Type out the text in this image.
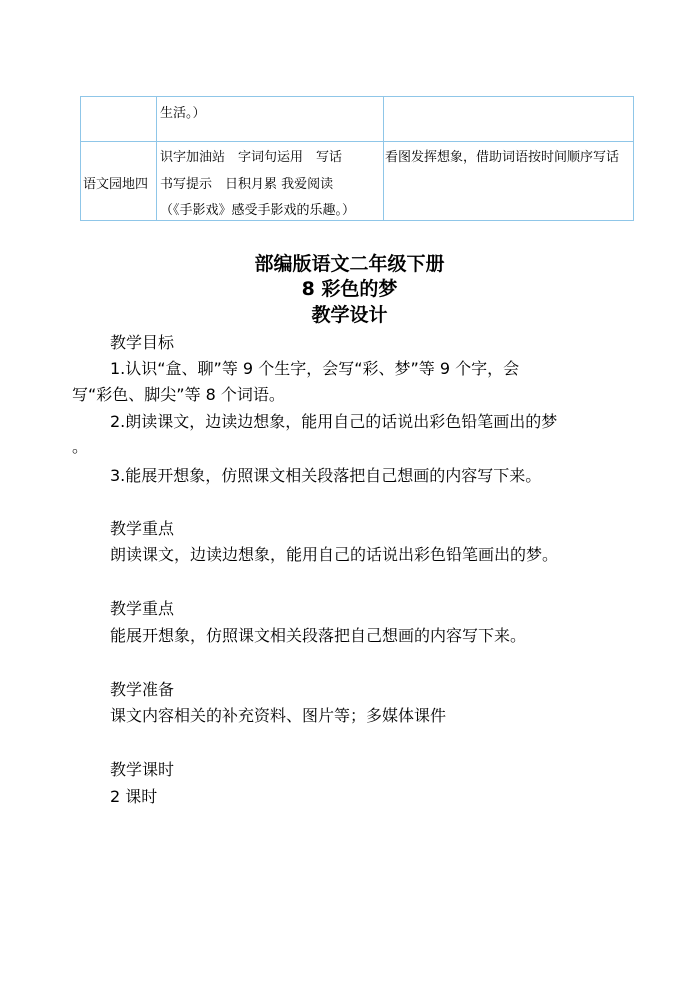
生活。）
语文园地四
识字加油站　字词句运用　写话
书写提示　日积月累 我爱阅读
（《手影戏》感受手影戏的乐趣。）
看图发挥想象，借助词语按时间顺序写话
部编版语文二年级下册
8 彩色的梦
教学设计
教学目标
1.认识“盒、聊”等 9 个生字，会写“彩、梦”等 9 个字，会
写“彩色、脚尖”等 8 个词语。
2.朗读课文，边读边想象，能用自己的话说出彩色铅笔画出的梦
。
3.能展开想象，仿照课文相关段落把自己想画的内容写下来。
教学重点
朗读课文，边读边想象，能用自己的话说出彩色铅笔画出的梦。
教学重点
能展开想象，仿照课文相关段落把自己想画的内容写下来。
教学准备
课文内容相关的补充资料、图片等；多媒体课件
教学课时
2 课时
